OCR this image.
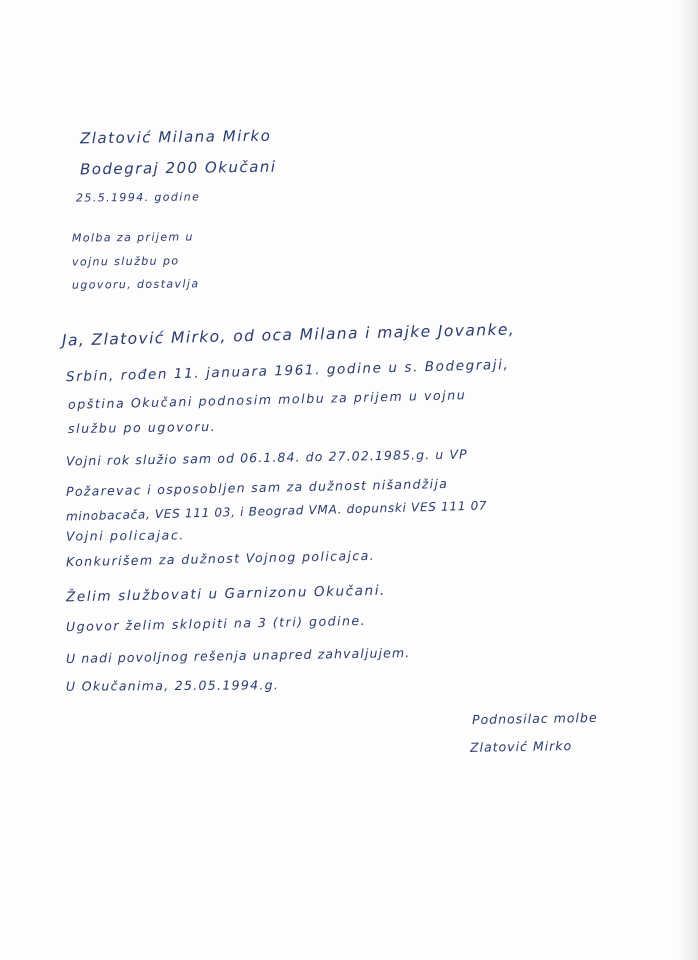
Zlatović Milana Mirko
Bodegraj 200 Okučani
25.5.1994. godine
Molba za prijem u
vojnu službu po
ugovoru, dostavlja
Ja, Zlatović Mirko, od oca Milana i majke Jovanke,
Srbin, rođen 11. januara 1961. godine u s. Bodegraji,
opština Okučani podnosim molbu za prijem u vojnu
službu po ugovoru.
Vojni rok služio sam od 06.1.84. do 27.02.1985.g. u VP
Požarevac i osposobljen sam za dužnost nišandžija
minobacača, VES 111 03, i Beograd VMA. dopunski VES 111 07
Vojni policajac.
Konkurišem za dužnost Vojnog policajca.
Želim službovati u Garnizonu Okučani.
Ugovor želim sklopiti na 3 (tri) godine.
U nadi povoljnog rešenja unapred zahvaljujem.
U Okučanima, 25.05.1994.g.
Podnosilac molbe
Zlatović Mirko
